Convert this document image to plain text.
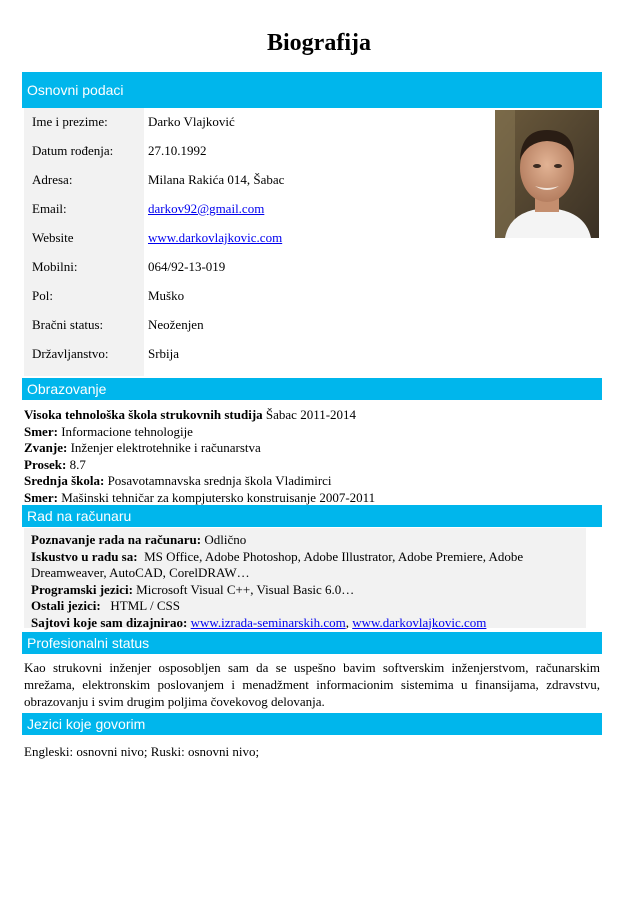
Biografija
Osnovni podaci
Ime i prezime:	Darko Vlajković
Datum rođenja:	27.10.1992
Adresa:	Milana Rakića 014, Šabac
Email:	darkov92@gmail.com
Website	www.darkovlajkovic.com
Mobilni:	064/92-13-019
Pol:	Muško
Bračni status:	Neoženjen
Državljanstvo:	Srbija
Obrazovanje
Visoka tehnološka škola strukovnih studija Šabac 2011-2014
Smer: Informacione tehnologije
Zvanje: Inženjer elektrotehnike i računarstva
Prosek: 8.7
Srednja škola: Posavotamnavska srednja škola Vladimirci
Smer: Mašinski tehničar za kompjutersko konstruisanje 2007-2011
Rad na računaru
Poznavanje rada na računaru: Odlično
Iskustvo u radu sa:  MS Office, Adobe Photoshop, Adobe Illustrator, Adobe Premiere, Adobe
Dreamweaver, AutoCAD, CorelDRAW…
Programski jezici: Microsoft Visual C++, Visual Basic 6.0…
Ostali jezici:   HTML / CSS
Sajtovi koje sam dizajnirao: www.izrada-seminarskih.com, www.darkovlajkovic.com
Profesionalni status
Kao strukovni inženjer osposobljen sam da se uspešno bavim softverskim inženjerstvom, računarskim mrežama, elektronskim poslovanjem i menadžment informacionim sistemima u finansijama, zdravstvu, obrazovanju i svim drugim poljima čovekovog delovanja.
Jezici koje govorim
Engleski: osnovni nivo; Ruski: osnovni nivo;
